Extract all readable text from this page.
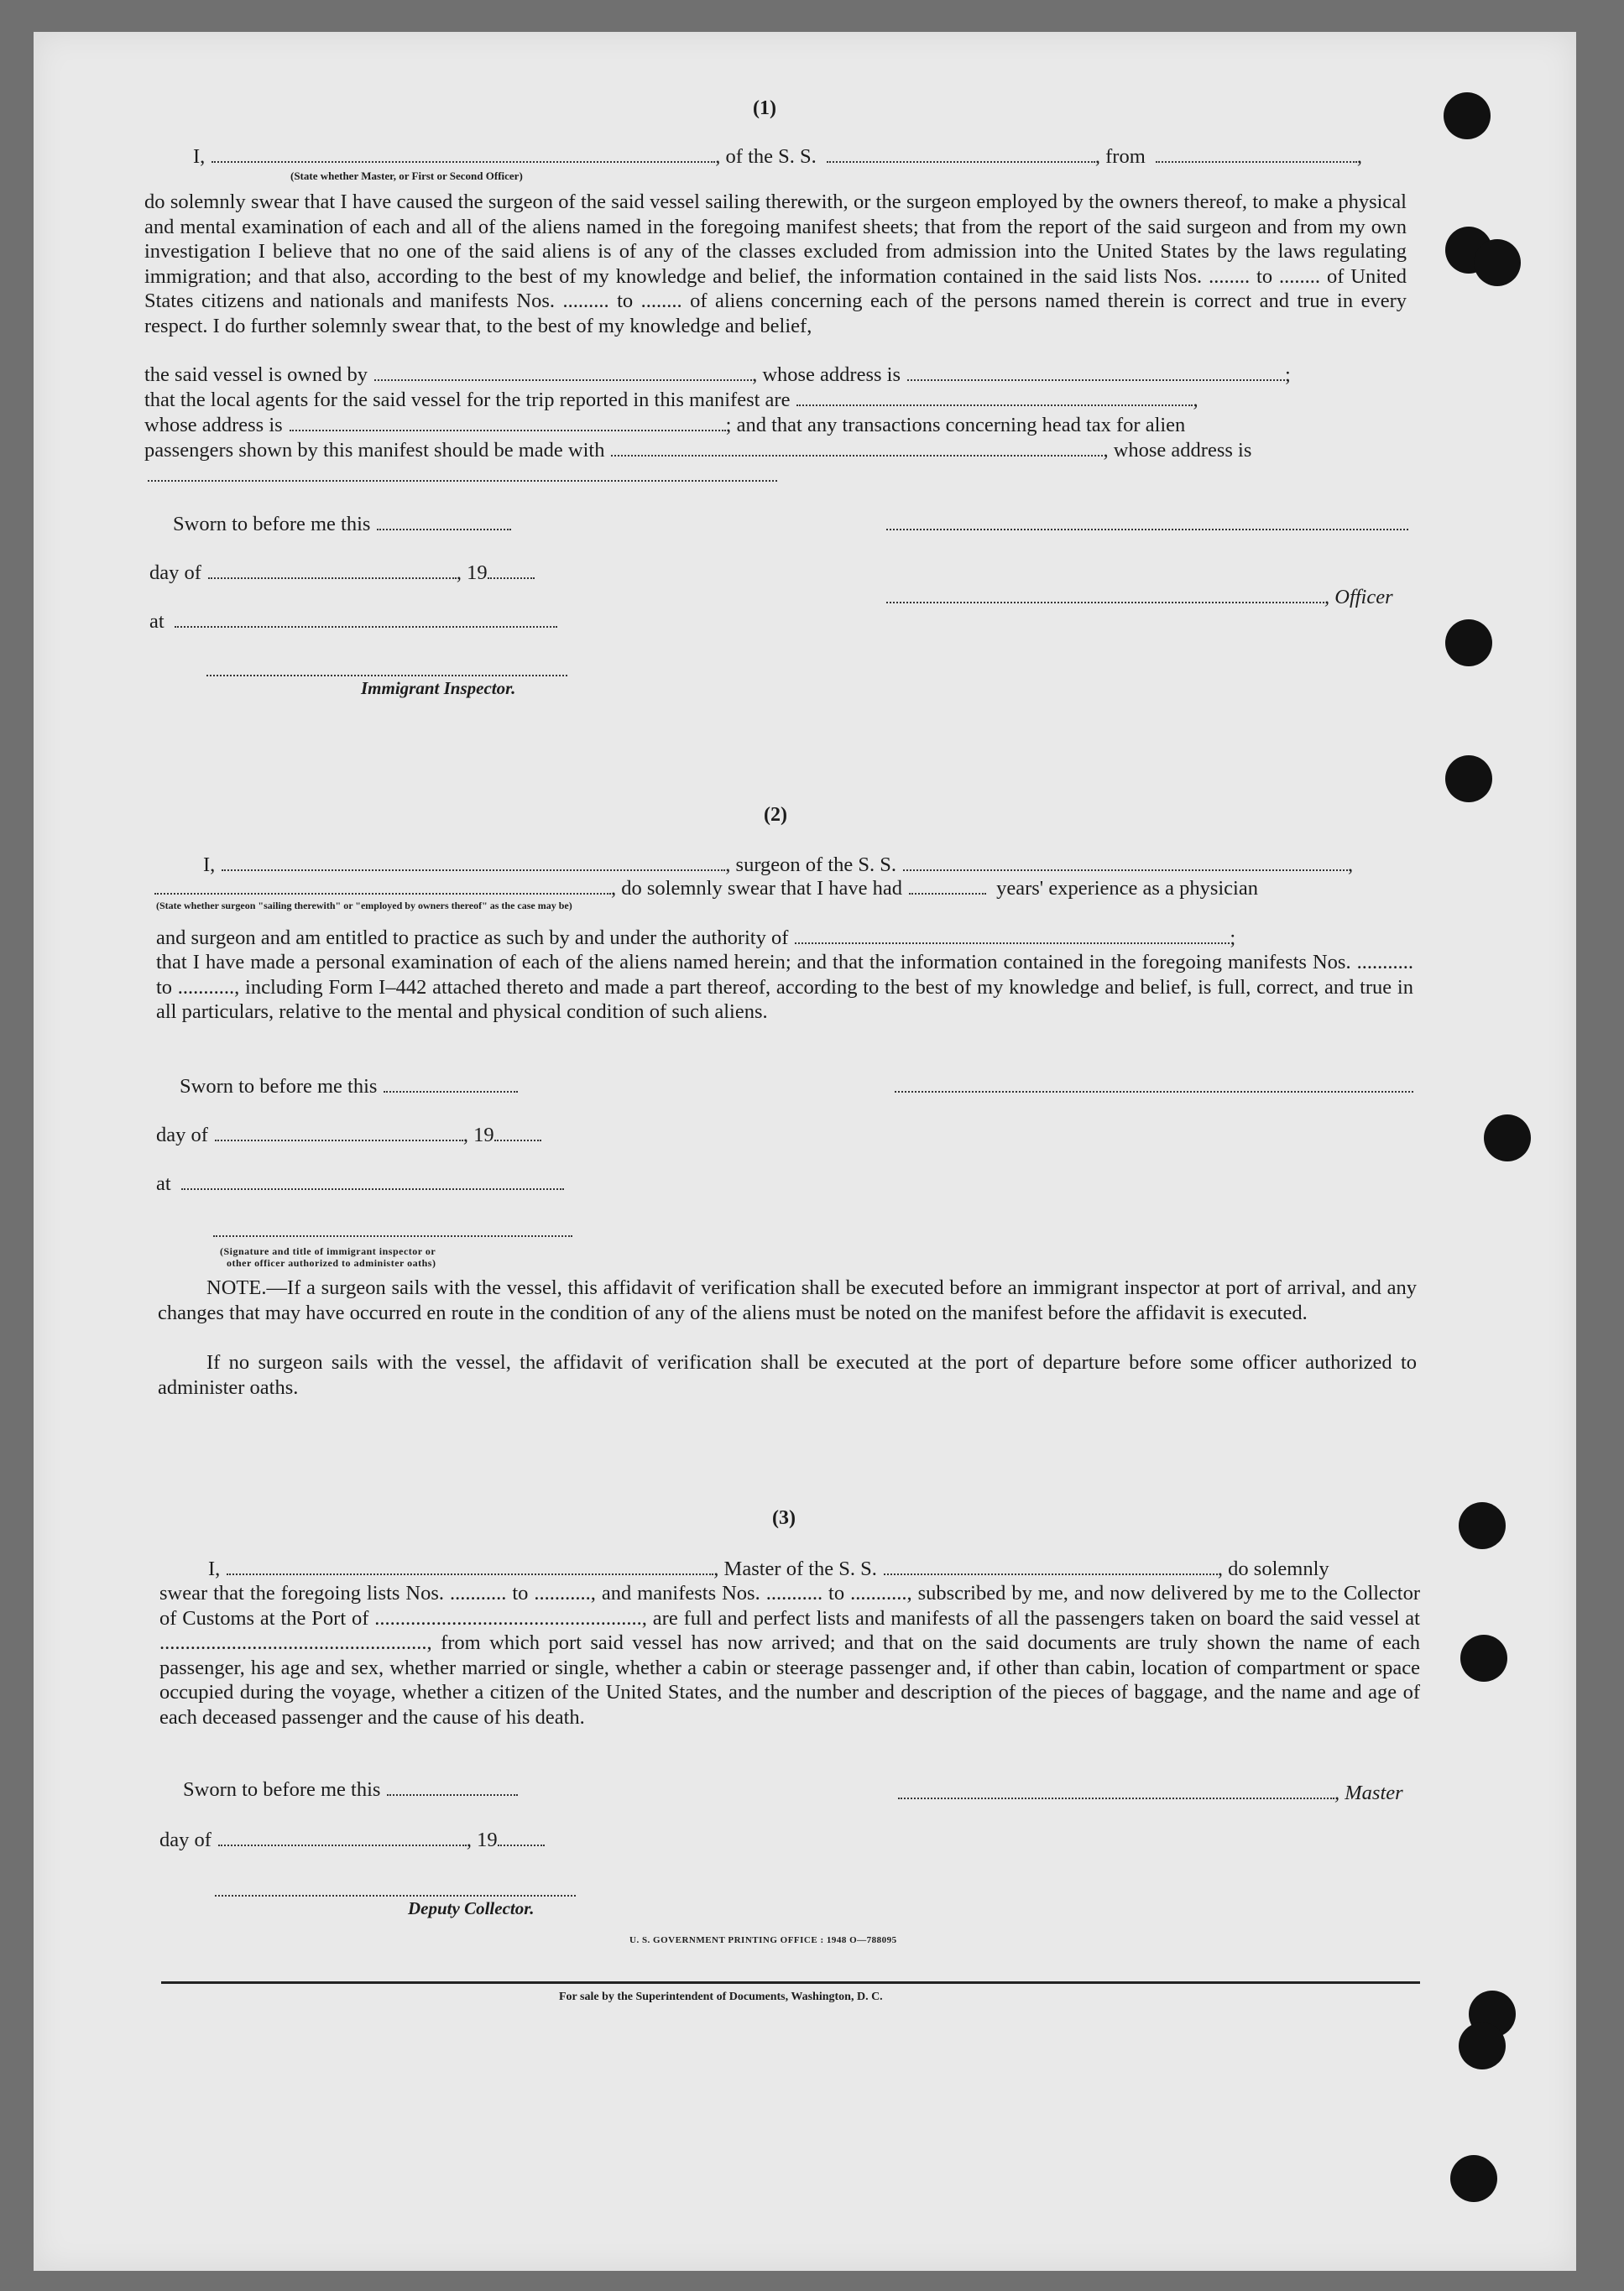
(1)
I,	, of the S. S.	, from	,
(State whether Master, or First or Second Officer)
do solemnly swear that I have caused the surgeon of the said vessel sailing therewith, or the surgeon employed by the owners thereof, to make a physical and mental examination of each and all of the aliens named in the foregoing manifest sheets; that from the report of the said surgeon and from my own investigation I believe that no one of the said aliens is of any of the classes excluded from admission into the United States by the laws regulating immigration; and that also, according to the best of my knowledge and belief, the information contained in the said lists Nos. ........ to ........ of United States citizens and nationals and manifests Nos. ......... to ........ of aliens concerning each of the persons named therein is correct and true in every respect. I do further solemnly swear that, to the best of my knowledge and belief,
the said vessel is owned by	, whose address is	;
that the local agents for the said vessel for the trip reported in this manifest are	,
whose address is	; and that any transactions concerning head tax for alien
passengers shown by this manifest should be made with	, whose address is
Sworn to before me this
day of	, 19
, Officer
at
Immigrant Inspector.
(2)
I,	, surgeon of the S. S.	,
, do solemnly swear that I have had	years' experience as a physician
(State whether surgeon "sailing therewith" or "employed by owners thereof" as the case may be)
and surgeon and am entitled to practice as such by and under the authority of	;
that I have made a personal examination of each of the aliens named herein; and that the information contained in the foregoing manifests Nos. ........... to ..........., including Form I–442 attached thereto and made a part thereof, according to the best of my knowledge and belief, is full, correct, and true in all particulars, relative to the mental and physical condition of such aliens.
Sworn to before me this
day of	, 19
at
(Signature and title of immigrant inspector or
other officer authorized to administer oaths)
NOTE.—If a surgeon sails with the vessel, this affidavit of verification shall be executed before an immigrant inspector at port of arrival, and any changes that may have occurred en route in the condition of any of the aliens must be noted on the manifest before the affidavit is executed.
If no surgeon sails with the vessel, the affidavit of verification shall be executed at the port of departure before some officer authorized to administer oaths.
(3)
I,	, Master of the S. S.	, do solemnly
swear that the foregoing lists Nos. ........... to ..........., and manifests Nos. ........... to ..........., subscribed by me, and now delivered by me to the Collector of Customs at the Port of ...................................................., are full and perfect lists and manifests of all the passengers taken on board the said vessel at ...................................................., from which port said vessel has now arrived; and that on the said documents are truly shown the name of each passenger, his age and sex, whether married or single, whether a cabin or steerage passenger and, if other than cabin, location of compartment or space occupied during the voyage, whether a citizen of the United States, and the number and description of the pieces of baggage, and the name and age of each deceased passenger and the cause of his death.
Sworn to before me this	, Master
day of	, 19
Deputy Collector.
U. S. GOVERNMENT PRINTING OFFICE : 1948 O—788095
For sale by the Superintendent of Documents, Washington, D. C.
